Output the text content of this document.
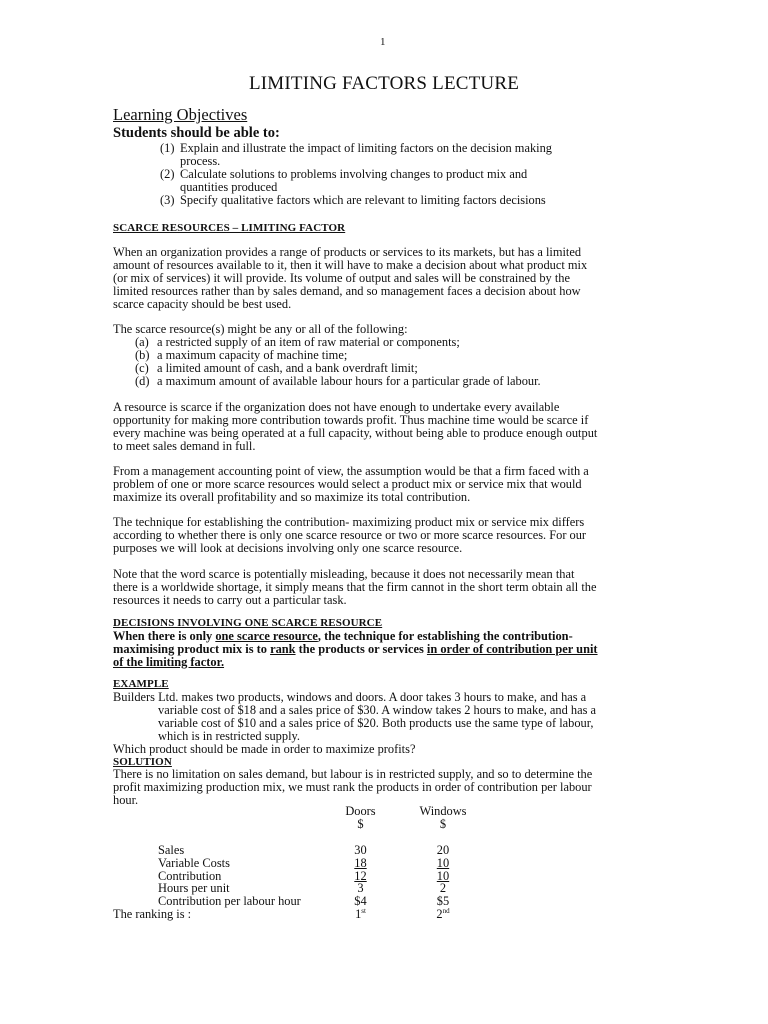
1
LIMITING FACTORS LECTURE
Learning Objectives
Students should be able to:
(1) Explain and illustrate the impact of limiting factors on the decision making
process.
(2) Calculate solutions to problems involving changes to product mix and
quantities produced
(3) Specify qualitative factors which are relevant to limiting factors decisions
SCARCE RESOURCES – LIMITING FACTOR
When an organization provides a range of products or services to its markets, but has a limited
amount of resources available to it, then it will have to make a decision about what product mix
(or mix of services) it will provide. Its volume of output and sales will be constrained by the
limited resources rather than by sales demand, and so management faces a decision about how
scarce capacity should be best used.
The scarce resource(s) might be any or all of the following:
(a) a restricted supply of an item of raw material or components;
(b) a maximum capacity of machine time;
(c) a limited amount of cash, and a bank overdraft limit;
(d) a maximum amount of available labour hours for a particular grade of labour.
A resource is scarce if the organization does not have enough to undertake every available
opportunity for making more contribution towards profit. Thus machine time would be scarce if
every machine was being operated at a full capacity, without being able to produce enough output
to meet sales demand in full.
From a management accounting point of view, the assumption would be that a firm faced with a
problem of one or more scarce resources would select a product mix or service mix that would
maximize its overall profitability and so maximize its total contribution.
The technique for establishing the contribution- maximizing product mix or service mix differs
according to whether there is only one scarce resource or two or more scarce resources. For our
purposes we will look at decisions involving only one scarce resource.
Note that the word scarce is potentially misleading, because it does not necessarily mean that
there is a worldwide shortage, it simply means that the firm cannot in the short term obtain all the
resources it needs to carry out a particular task.
DECISIONS INVOLVING ONE SCARCE RESOURCE
When there is only one scarce resource, the technique for establishing the contribution-
maximising product mix is to rank the products or services in order of contribution per unit
of the limiting factor.
EXAMPLE
Builders Ltd. makes two products, windows and doors. A door takes 3 hours to make, and has a
variable cost of $18 and a sales price of $30. A window takes 2 hours to make, and has a
variable cost of $10 and a sales price of $20. Both products use the same type of labour,
which is in restricted supply.
Which product should be made in order to maximize profits?
SOLUTION
There is no limitation on sales demand, but labour is in restricted supply, and so to determine the
profit maximizing production mix, we must rank the products in order of contribution per labour
hour.
		Doors	Windows
		$	$

	Sales	30	20
	Variable Costs	18	10
	Contribution	12	10
	Hours per unit	3	2
	Contribution per labour hour	$4	$5
The ranking is :		1st	2nd
